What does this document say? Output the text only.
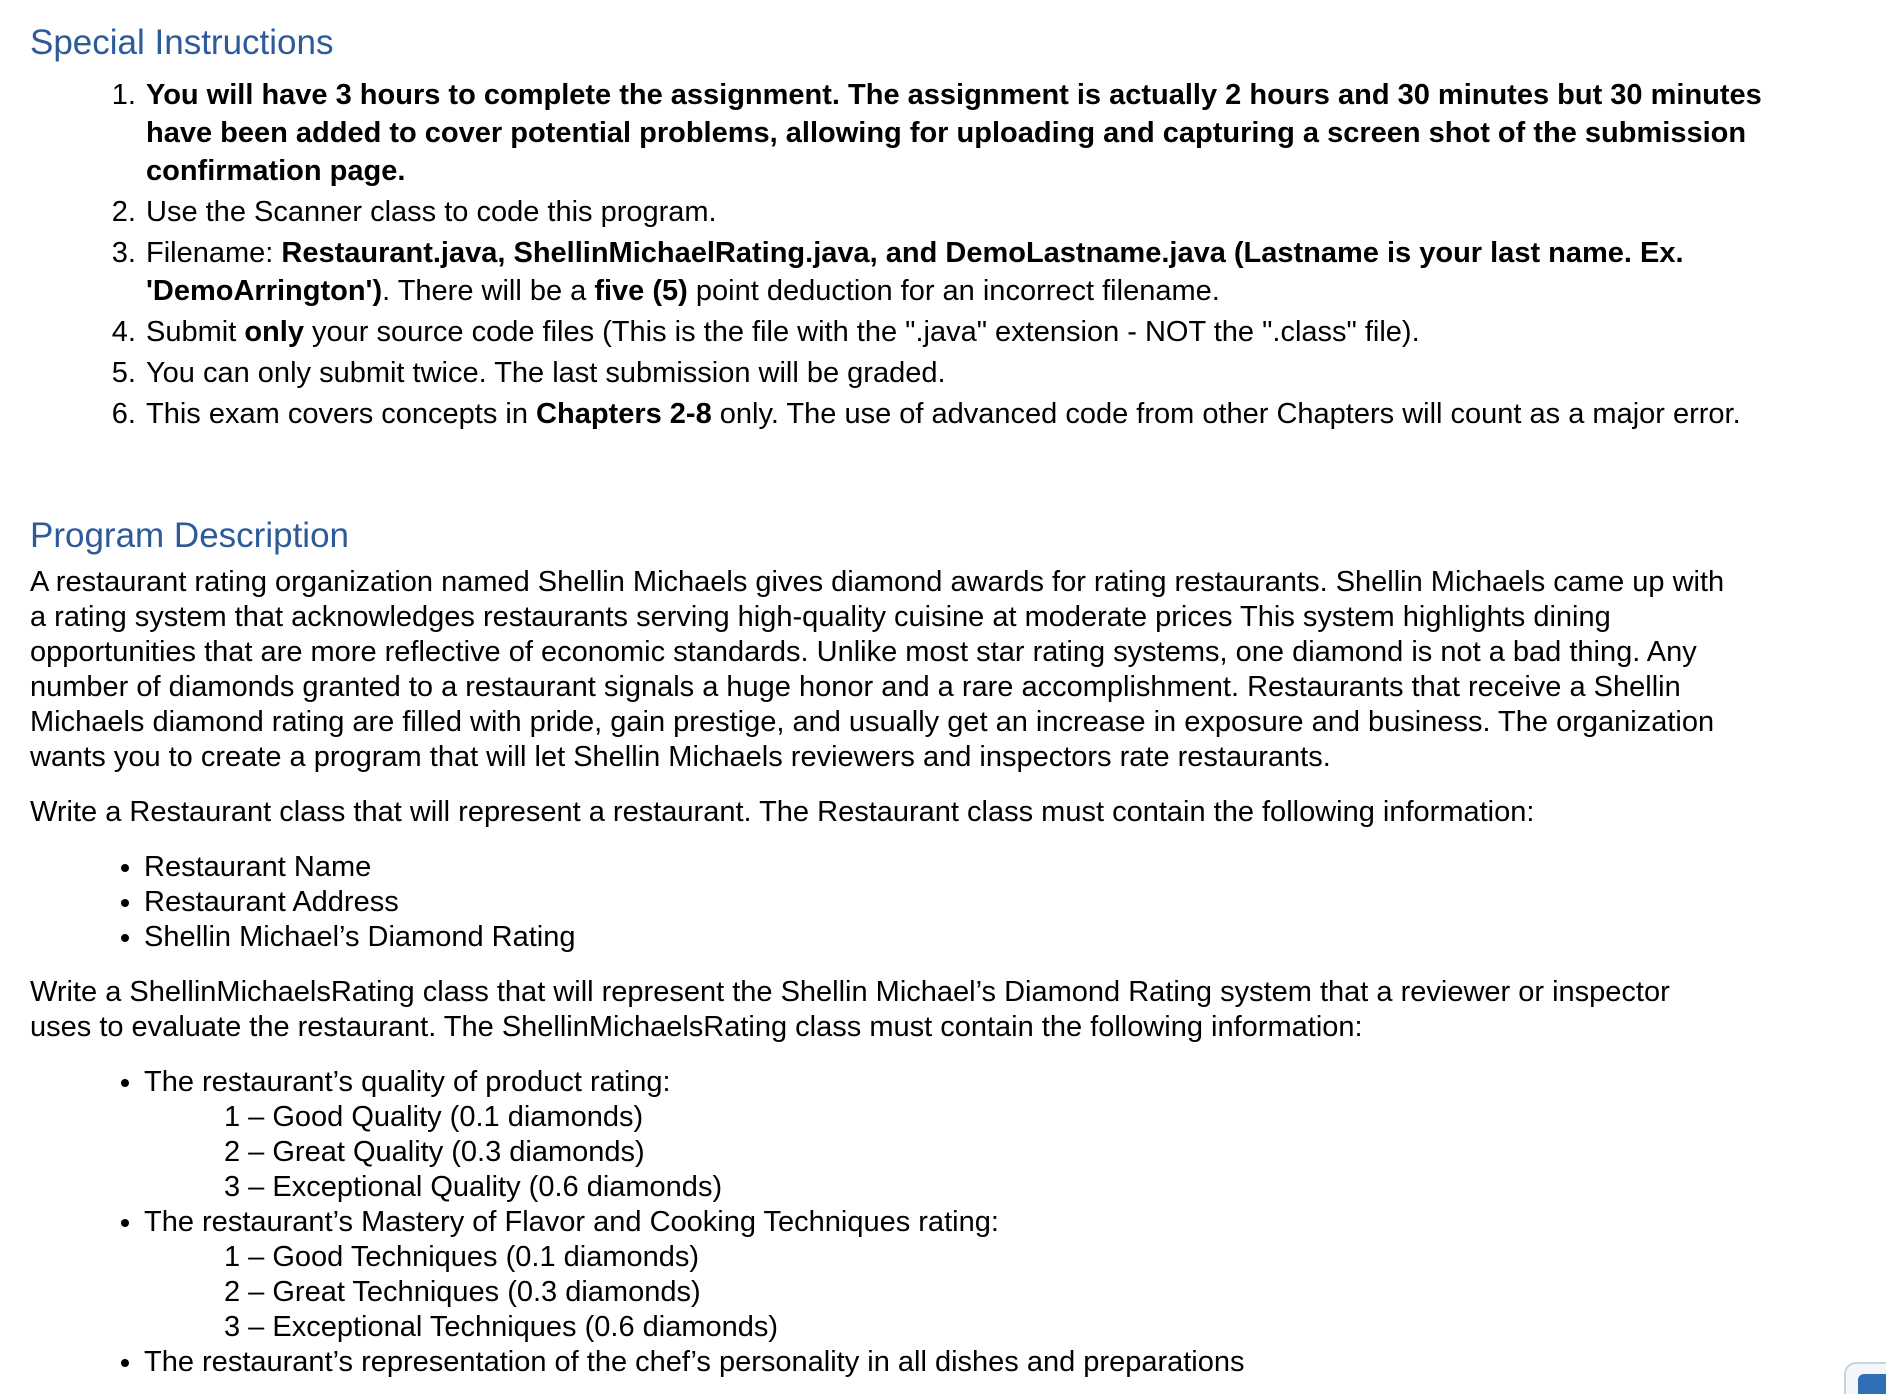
Special Instructions
1. You will have 3 hours to complete the assignment. The assignment is actually 2 hours and 30 minutes but 30 minutes have been added to cover potential problems, allowing for uploading and capturing a screen shot of the submission confirmation page.
2. Use the Scanner class to code this program.
3. Filename: Restaurant.java, ShellinMichaelRating.java, and DemoLastname.java (Lastname is your last name. Ex. 'DemoArrington'). There will be a five (5) point deduction for an incorrect filename.
4. Submit only your source code files (This is the file with the ".java" extension - NOT the ".class" file).
5. You can only submit twice. The last submission will be graded.
6. This exam covers concepts in Chapters 2-8 only. The use of advanced code from other Chapters will count as a major error.
Program Description

A restaurant rating organization named Shellin Michaels gives diamond awards for rating restaurants. Shellin Michaels came up with a rating system that acknowledges restaurants serving high-quality cuisine at moderate prices This system highlights dining opportunities that are more reflective of economic standards. Unlike most star rating systems, one diamond is not a bad thing. Any number of diamonds granted to a restaurant signals a huge honor and a rare accomplishment. Restaurants that receive a Shellin Michaels diamond rating are filled with pride, gain prestige, and usually get an increase in exposure and business. The organization wants you to create a program that will let Shellin Michaels reviewers and inspectors rate restaurants.

Write a Restaurant class that will represent a restaurant. The Restaurant class must contain the following information:

• Restaurant Name
• Restaurant Address
• Shellin Michael’s Diamond Rating

Write a ShellinMichaelsRating class that will represent the Shellin Michael’s Diamond Rating system that a reviewer or inspector uses to evaluate the restaurant. The ShellinMichaelsRating class must contain the following information:

• The restaurant’s quality of product rating:
1 – Good Quality (0.1 diamonds)
2 – Great Quality (0.3 diamonds)
3 – Exceptional Quality (0.6 diamonds)
• The restaurant’s Mastery of Flavor and Cooking Techniques rating:
1 – Good Techniques (0.1 diamonds)
2 – Great Techniques (0.3 diamonds)
3 – Exceptional Techniques (0.6 diamonds)
• The restaurant’s representation of the chef’s personality in all dishes and preparations
